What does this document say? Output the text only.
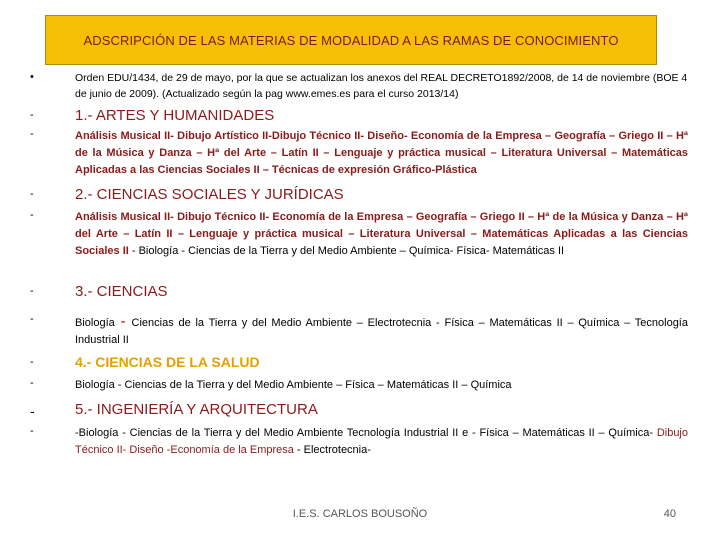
ADSCRIPCIÓN DE LAS MATERIAS DE MODALIDAD A LAS RAMAS DE CONOCIMIENTO
•	Orden EDU/1434, de 29 de mayo, por la que se actualizan los anexos del REAL DECRETO1892/2008, de 14 de noviembre (BOE 4 de junio de 2009). (Actualizado según la pag www.emes.es para el curso 2013/14)
-	1.- ARTES Y HUMANIDADES
-	Análisis Musical II- Dibujo Artístico II-Dibujo Técnico II- Diseño- Economía de la Empresa – Geografía – Griego II – Hª de la Música y Danza – Hª del Arte – Latín II – Lenguaje y práctica musical – Literatura Universal – Matemáticas Aplicadas a las Ciencias Sociales II – Técnicas de expresión Gráfico-Plástica
-	2.- CIENCIAS SOCIALES Y JURÍDICAS
-	Análisis Musical II- Dibujo Técnico II- Economía de la Empresa – Geografía – Griego II – Hª de la Música y Danza – Hª del Arte – Latín II – Lenguaje y práctica musical – Literatura Universal – Matemáticas Aplicadas a las Ciencias Sociales II - Biología - Ciencias de la Tierra y del Medio Ambiente – Química- Física- Matemáticas II
-	3.- CIENCIAS
-	Biología - Ciencias de la Tierra y del Medio Ambiente – Electrotecnia - Física – Matemáticas II – Química – Tecnología Industrial II
-	4.- CIENCIAS DE LA SALUD
-	Biología - Ciencias de la Tierra y del Medio Ambiente – Física – Matemáticas II – Química
-	5.- INGENIERÍA Y ARQUITECTURA
-	-Biología - Ciencias de la Tierra y del Medio Ambiente Tecnología Industrial II e - Física – Matemáticas II – Química- Dibujo Técnico II- Diseño -Economía de la Empresa - Electrotecnia-
I.E.S. CARLOS BOUSOÑO	40
